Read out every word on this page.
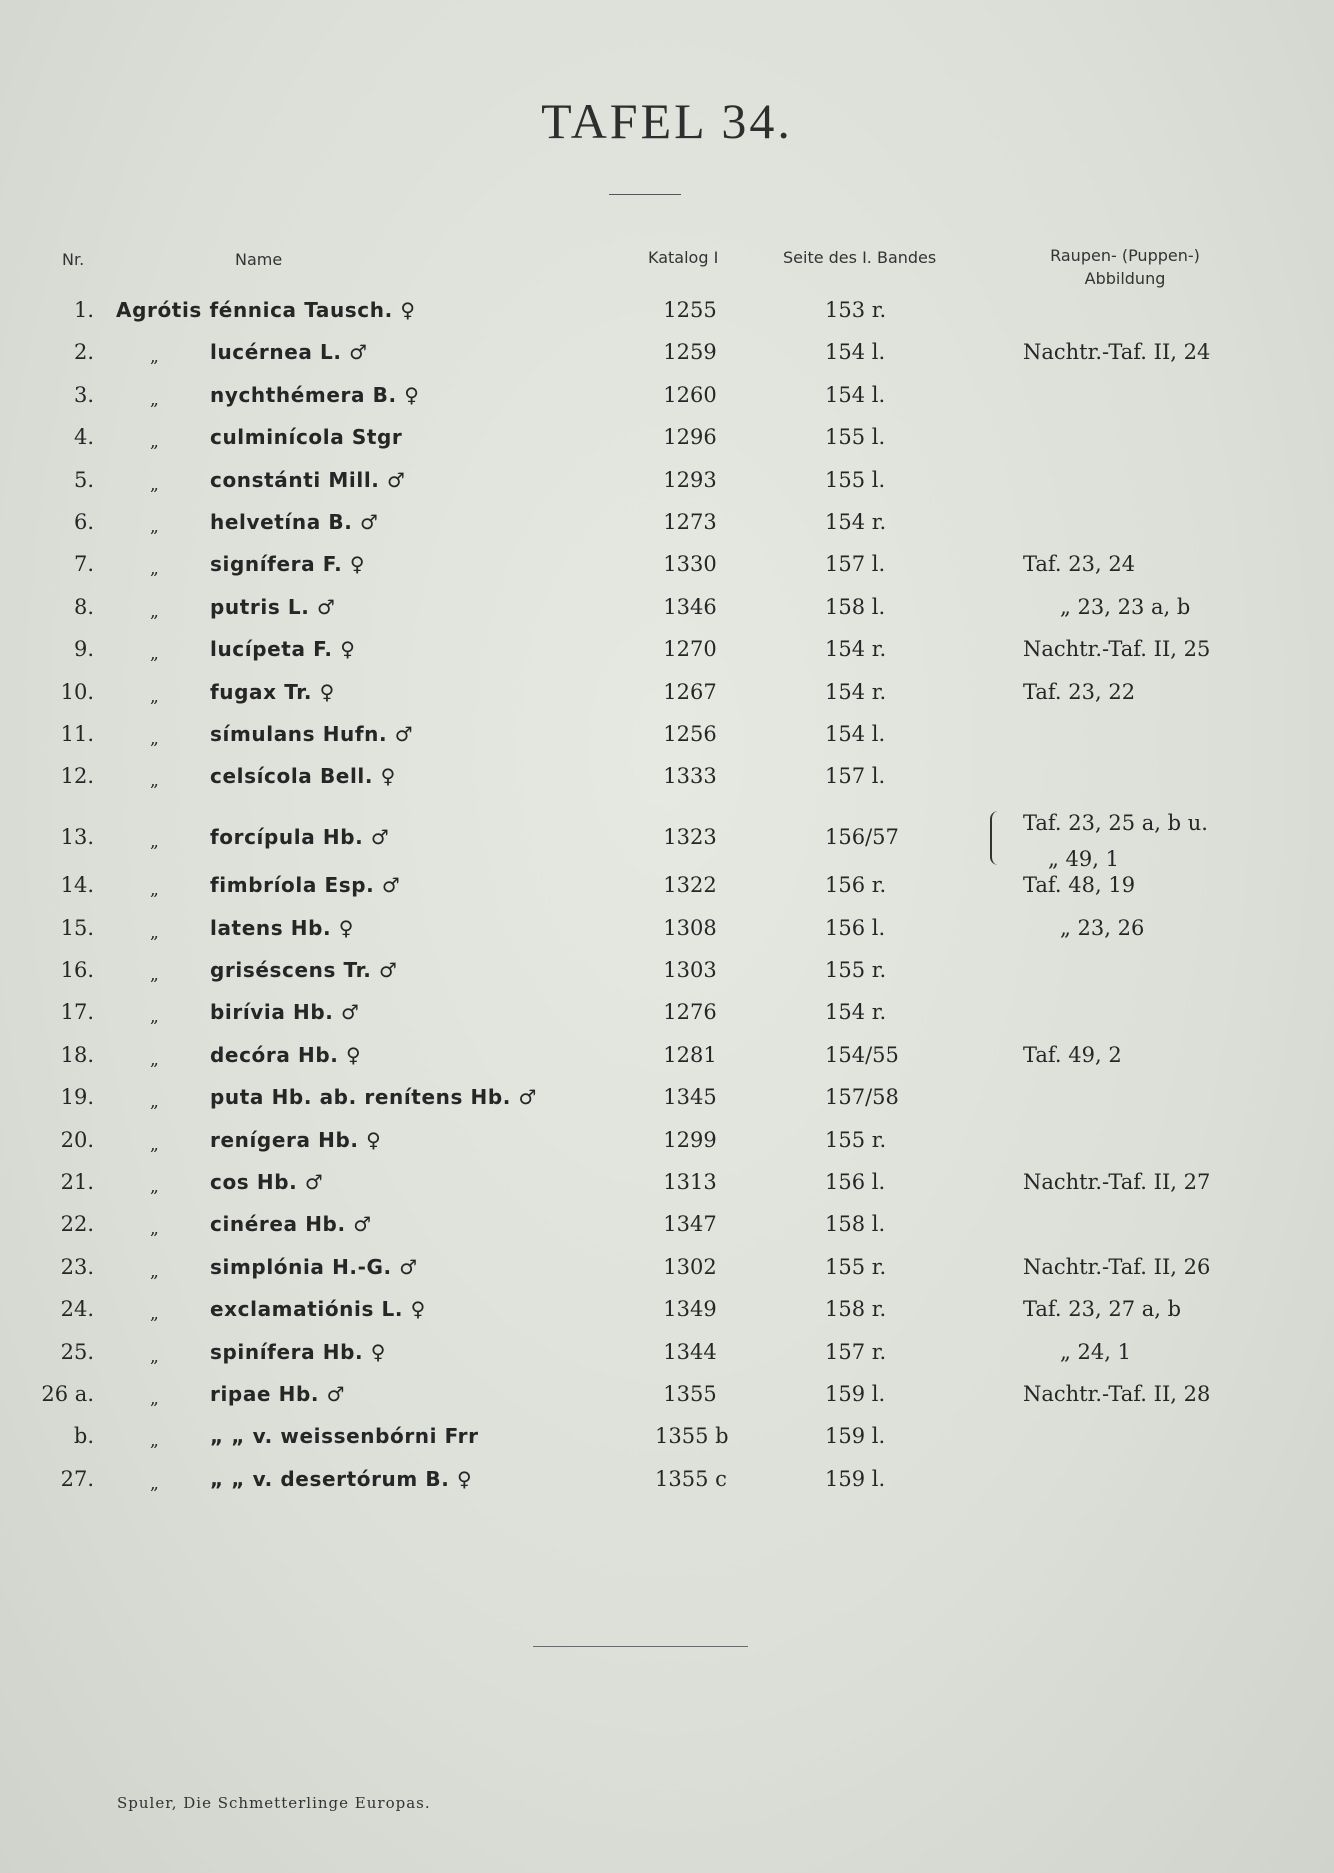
TAFEL 34.
Nr.	Name	Katalog I	Seite des I. Bandes	Raupen- (Puppen-)
Abbildung
1. Agrótis fénnica Tausch. ♀	1255	153 r.
2.	„	lucérnea L. ♂	1259	154 l.	Nachtr.-Taf. II, 24
3.	„	nychthémera B. ♀	1260	154 l.
4.	„	culminícola Stgr	1296	155 l.
5.	„	constánti Mill. ♂	1293	155 l.
6.	„	helvetína B. ♂	1273	154 r.
7.	„	signífera F. ♀	1330	157 l.	Taf. 23, 24
8.	„	putris L. ♂	1346	158 l.	„ 23, 23 a, b
9.	„	lucípeta F. ♀	1270	154 r.	Nachtr.-Taf. II, 25
10.	„	fugax Tr. ♀	1267	154 r.	Taf. 23, 22
11.	„	símulans Hufn. ♂	1256	154 l.
12.	„	celsícola Bell. ♀	1333	157 l.
13.	„	forcípula Hb. ♂	1323	156/57
Taf. 23, 25 a, b u.
„ 49, 1
14.	„	fimbríola Esp. ♂	1322	156 r.	Taf. 48, 19
15.	„	latens Hb. ♀	1308	156 l.	„ 23, 26
16.	„	griséscens Tr. ♂	1303	155 r.
17.	„	birívia Hb. ♂	1276	154 r.
18.	„	decóra Hb. ♀	1281	154/55	Taf. 49, 2
19.	„	puta Hb. ab. renítens Hb. ♂	1345	157/58
20.	„	renígera Hb. ♀	1299	155 r.
21.	„	cos Hb. ♂	1313	156 l.	Nachtr.-Taf. II, 27
22.	„	cinérea Hb. ♂	1347	158 l.
23.	„	simplónia H.-G. ♂	1302	155 r.	Nachtr.-Taf. II, 26
24.	„	exclamatiónis L. ♀	1349	158 r.	Taf. 23, 27 a, b
25.	„	spinífera Hb. ♀	1344	157 r.	„ 24, 1
26 a.	„	ripae Hb. ♂	1355	159 l.	Nachtr.-Taf. II, 28
b.	„	„ „ v. weissenbórni Frr	1355 b	159 l.
27.	„	„ „ v. desertórum B. ♀	1355 c	159 l.
Spuler, Die Schmetterlinge Europas.
